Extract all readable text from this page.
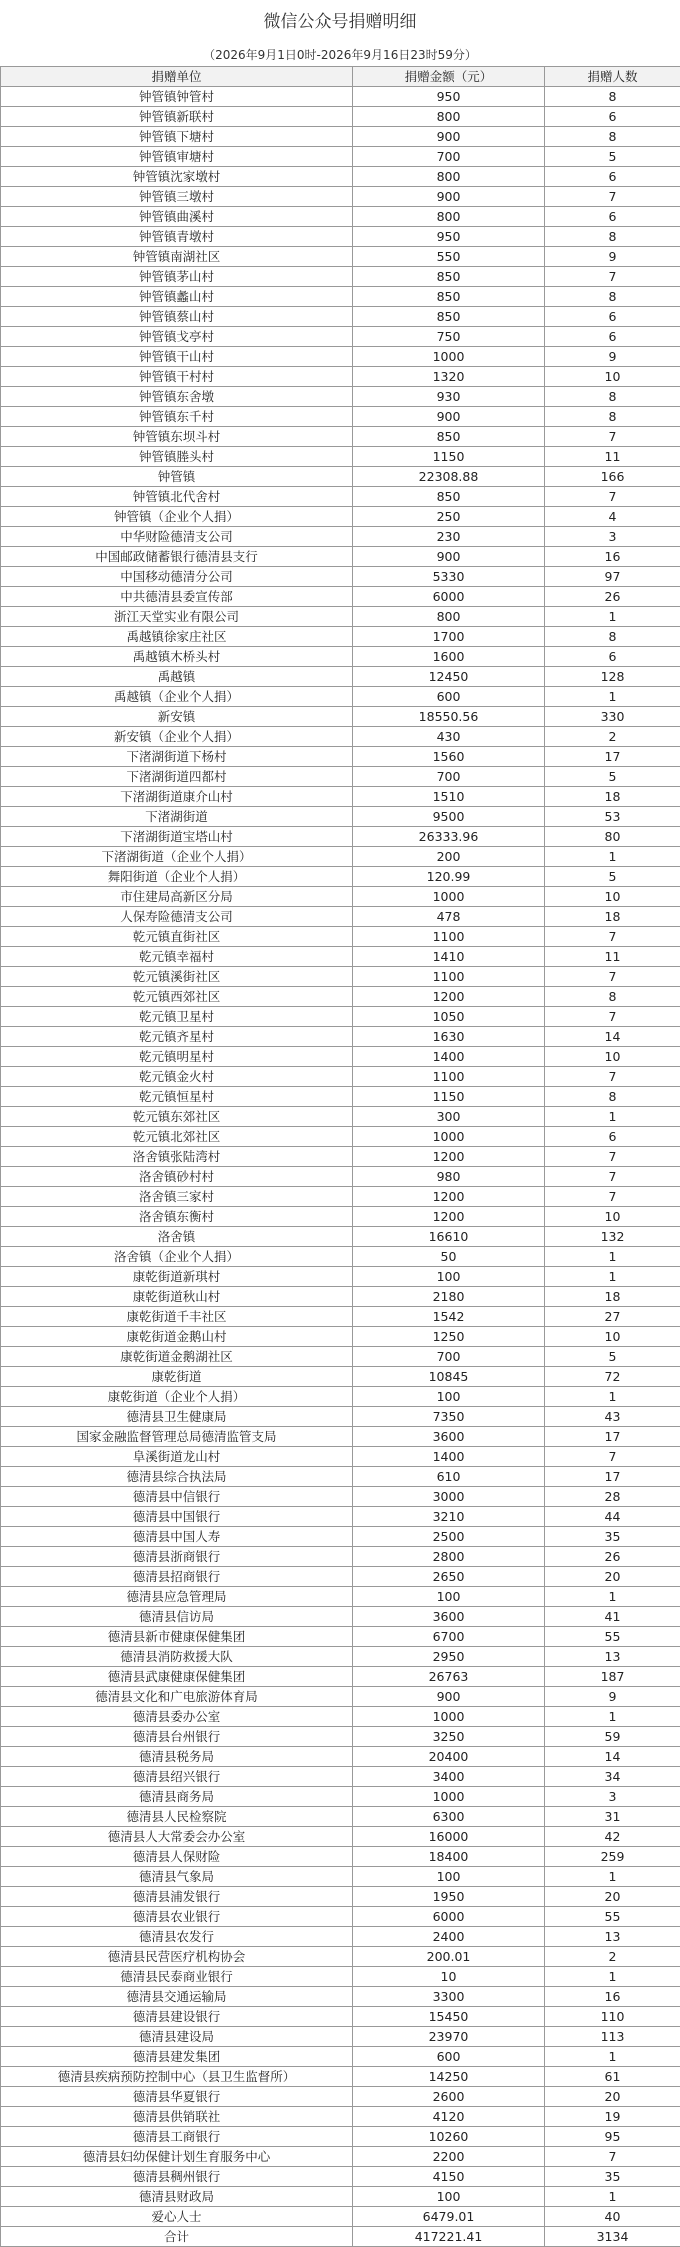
微信公众号捐赠明细
（2026年9月1日0时-2026年9月16日23时59分）
捐赠单位	捐赠金额（元）	捐赠人数
钟管镇钟管村	950	8
钟管镇新联村	800	6
钟管镇下塘村	900	8
钟管镇审塘村	700	5
钟管镇沈家墩村	800	6
钟管镇三墩村	900	7
钟管镇曲溪村	800	6
钟管镇青墩村	950	8
钟管镇南湖社区	550	9
钟管镇茅山村	850	7
钟管镇蠡山村	850	8
钟管镇蔡山村	850	6
钟管镇戈亭村	750	6
钟管镇干山村	1000	9
钟管镇干村村	1320	10
钟管镇东舍墩	930	8
钟管镇东千村	900	8
钟管镇东坝斗村	850	7
钟管镇塍头村	1150	11
钟管镇	22308.88	166
钟管镇北代舍村	850	7
钟管镇（企业个人捐）	250	4
中华财险德清支公司	230	3
中国邮政储蓄银行德清县支行	900	16
中国移动德清分公司	5330	97
中共德清县委宣传部	6000	26
浙江天堂实业有限公司	800	1
禹越镇徐家庄社区	1700	8
禹越镇木桥头村	1600	6
禹越镇	12450	128
禹越镇（企业个人捐）	600	1
新安镇	18550.56	330
新安镇（企业个人捐）	430	2
下渚湖街道下杨村	1560	17
下渚湖街道四都村	700	5
下渚湖街道康介山村	1510	18
下渚湖街道	9500	53
下渚湖街道宝塔山村	26333.96	80
下渚湖街道（企业个人捐）	200	1
舞阳街道（企业个人捐）	120.99	5
市住建局高新区分局	1000	10
人保寿险德清支公司	478	18
乾元镇直街社区	1100	7
乾元镇幸福村	1410	11
乾元镇溪街社区	1100	7
乾元镇西郊社区	1200	8
乾元镇卫星村	1050	7
乾元镇齐星村	1630	14
乾元镇明星村	1400	10
乾元镇金火村	1100	7
乾元镇恒星村	1150	8
乾元镇东郊社区	300	1
乾元镇北郊社区	1000	6
洛舍镇张陆湾村	1200	7
洛舍镇砂村村	980	7
洛舍镇三家村	1200	7
洛舍镇东衡村	1200	10
洛舍镇	16610	132
洛舍镇（企业个人捐）	50	1
康乾街道新琪村	100	1
康乾街道秋山村	2180	18
康乾街道千丰社区	1542	27
康乾街道金鹅山村	1250	10
康乾街道金鹅湖社区	700	5
康乾街道	10845	72
康乾街道（企业个人捐）	100	1
德清县卫生健康局	7350	43
国家金融监督管理总局德清监管支局	3600	17
阜溪街道龙山村	1400	7
德清县综合执法局	610	17
德清县中信银行	3000	28
德清县中国银行	3210	44
德清县中国人寿	2500	35
德清县浙商银行	2800	26
德清县招商银行	2650	20
德清县应急管理局	100	1
德清县信访局	3600	41
德清县新市健康保健集团	6700	55
德清县消防救援大队	2950	13
德清县武康健康保健集团	26763	187
德清县文化和广电旅游体育局	900	9
德清县委办公室	1000	1
德清县台州银行	3250	59
德清县税务局	20400	14
德清县绍兴银行	3400	34
德清县商务局	1000	3
德清县人民检察院	6300	31
德清县人大常委会办公室	16000	42
德清县人保财险	18400	259
德清县气象局	100	1
德清县浦发银行	1950	20
德清县农业银行	6000	55
德清县农发行	2400	13
德清县民营医疗机构协会	200.01	2
德清县民泰商业银行	10	1
德清县交通运输局	3300	16
德清县建设银行	15450	110
德清县建设局	23970	113
德清县建发集团	600	1
德清县疾病预防控制中心（县卫生监督所）	14250	61
德清县华夏银行	2600	20
德清县供销联社	4120	19
德清县工商银行	10260	95
德清县妇幼保健计划生育服务中心	2200	7
德清县稠州银行	4150	35
德清县财政局	100	1
爱心人士	6479.01	40
合计	417221.41	3134
